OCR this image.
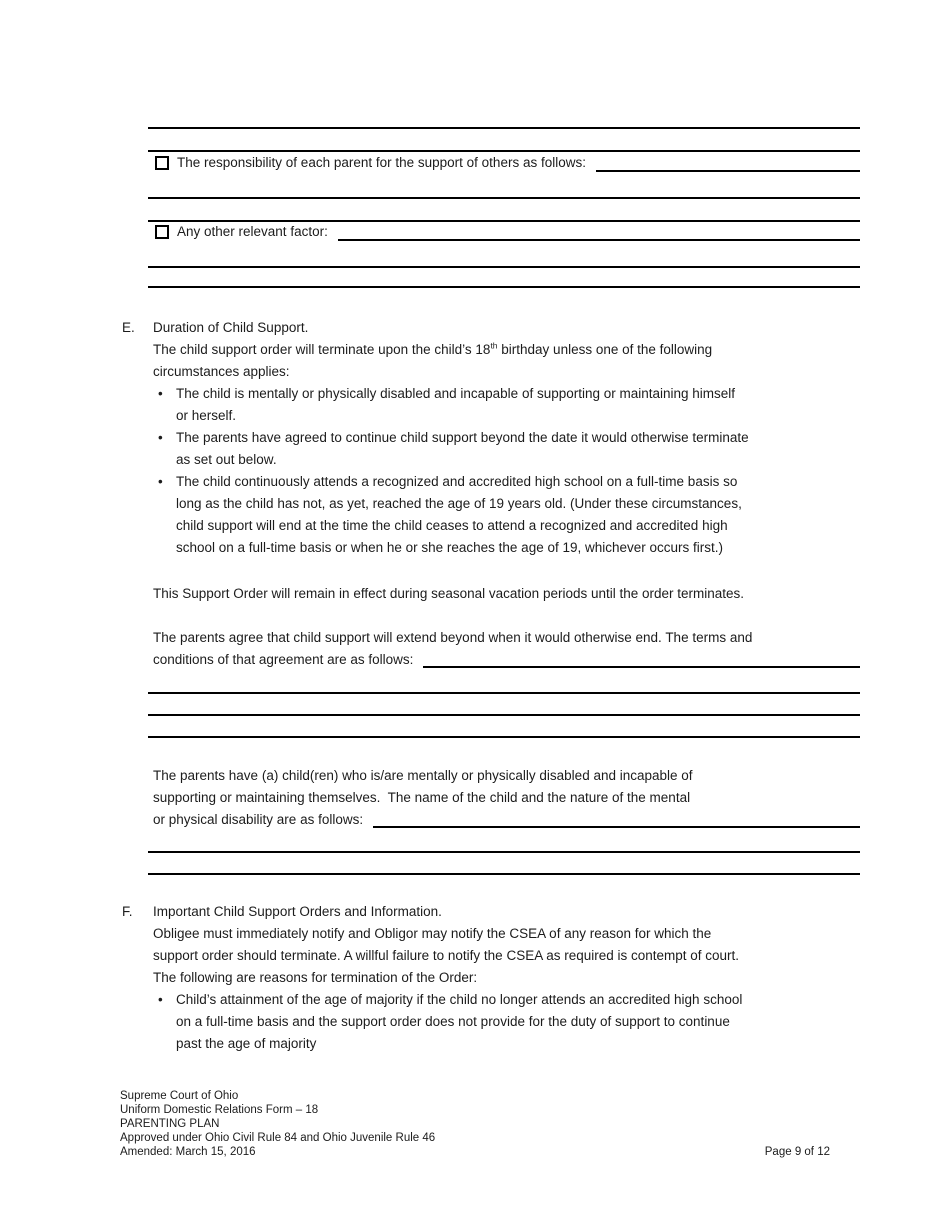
The responsibility of each parent for the support of others as follows:
Any other relevant factor:
E.	Duration of Child Support.
The child support order will terminate upon the child’s 18th birthday unless one of the following
circumstances applies:
• The child is mentally or physically disabled and incapable of supporting or maintaining himself
or herself.
• The parents have agreed to continue child support beyond the date it would otherwise terminate
as set out below.
• The child continuously attends a recognized and accredited high school on a full-time basis so
long as the child has not, as yet, reached the age of 19 years old. (Under these circumstances,
child support will end at the time the child ceases to attend a recognized and accredited high
school on a full-time basis or when he or she reaches the age of 19, whichever occurs first.)
This Support Order will remain in effect during seasonal vacation periods until the order terminates.
The parents agree that child support will extend beyond when it would otherwise end. The terms and
conditions of that agreement are as follows:
The parents have (a) child(ren) who is/are mentally or physically disabled and incapable of
supporting or maintaining themselves.  The name of the child and the nature of the mental
or physical disability are as follows:
F.	Important Child Support Orders and Information.
Obligee must immediately notify and Obligor may notify the CSEA of any reason for which the
support order should terminate. A willful failure to notify the CSEA as required is contempt of court.
The following are reasons for termination of the Order:
• Child’s attainment of the age of majority if the child no longer attends an accredited high school
on a full-time basis and the support order does not provide for the duty of support to continue
past the age of majority
Supreme Court of Ohio
Uniform Domestic Relations Form – 18
PARENTING PLAN
Approved under Ohio Civil Rule 84 and Ohio Juvenile Rule 46
Amended: March 15, 2016	Page 9 of 12
